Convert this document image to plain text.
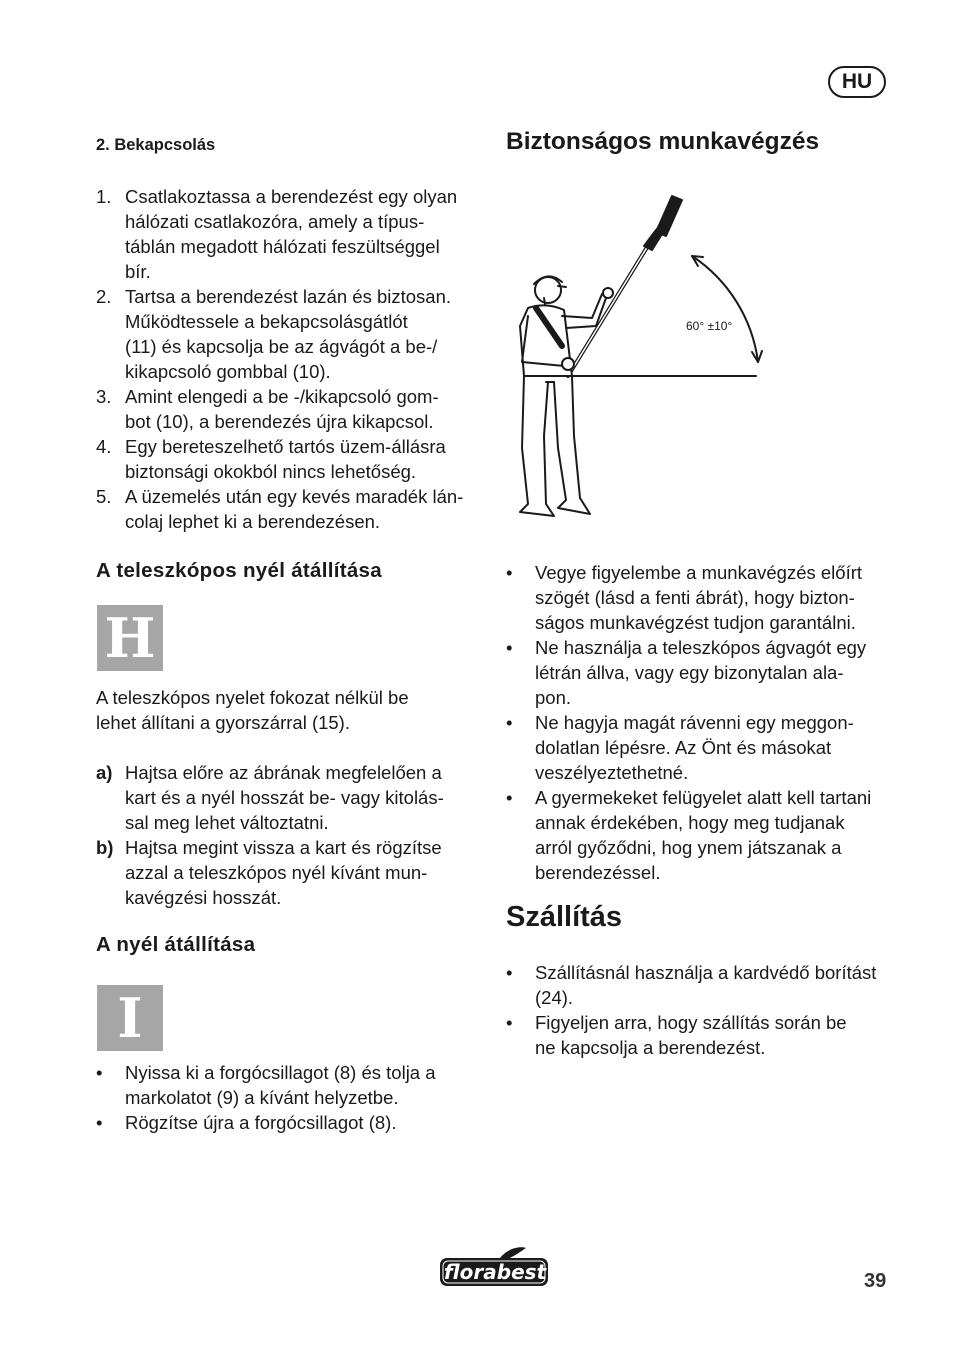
HU
2. Bekapcsolás
1. Csatlakoztassa a berendezést egy olyan
hálózati csatlakozóra, amely a típus-
táblán megadott hálózati feszültséggel
bír.
2. Tartsa a berendezést lazán és biztosan.
Működtessele a bekapcsolásgátlót
(11) és kapcsolja be az ágvágót a be-/
kikapcsoló gombbal (10).
3. Amint elengedi a be -/kikapcsoló gom-
bot (10), a berendezés újra kikapcsol.
4. Egy bereteszelhető tartós üzem-állásra
biztonsági okokból nincs lehetőség.
5. A üzemelés után egy kevés maradék lán-
colaj lephet ki a berendezésen.
A teleszkópos nyél átállítása
H

A teleszkópos nyelet fokozat nélkül be

lehet állítani a gyorszárral (15).

a) Hajtsa előre az ábrának megfelelően a
kart és a nyél hosszát be- vagy kitolás-
sal meg lehet változtatni.
b) Hajtsa megint vissza a kart és rögzítse
azzal a teleszkópos nyél kívánt mun-
kavégzési hosszát.
A nyél átállítása
I
• Nyissa ki a forgócsillagot (8) és tolja a
markolatot (9) a kívánt helyzetbe.
• Rögzítse újra a forgócsillagot (8).
Biztonságos munkavégzés
60° ±10°
• Vegye figyelembe a munkavégzés előírt
szögét (lásd a fenti ábrát), hogy bizton-
ságos munkavégzést tudjon garantálni.
• Ne használja a teleszkópos ágvagót egy
létrán állva, vagy egy bizonytalan ala-
pon.
• Ne hagyja magát rávenni egy meggon-
dolatlan lépésre. Az Önt és másokat
veszélyeztethetné.
• A gyermekeket felügyelet alatt kell tartani
annak érdekében, hogy meg tudjanak
arról győződni, hog ynem játszanak a
berendezéssel.
Szállítás
• Szállításnál használja a kardvédő borítást
(24).
• Figyeljen arra, hogy szállítás során be
ne kapcsolja a berendezést.
florabest	39
